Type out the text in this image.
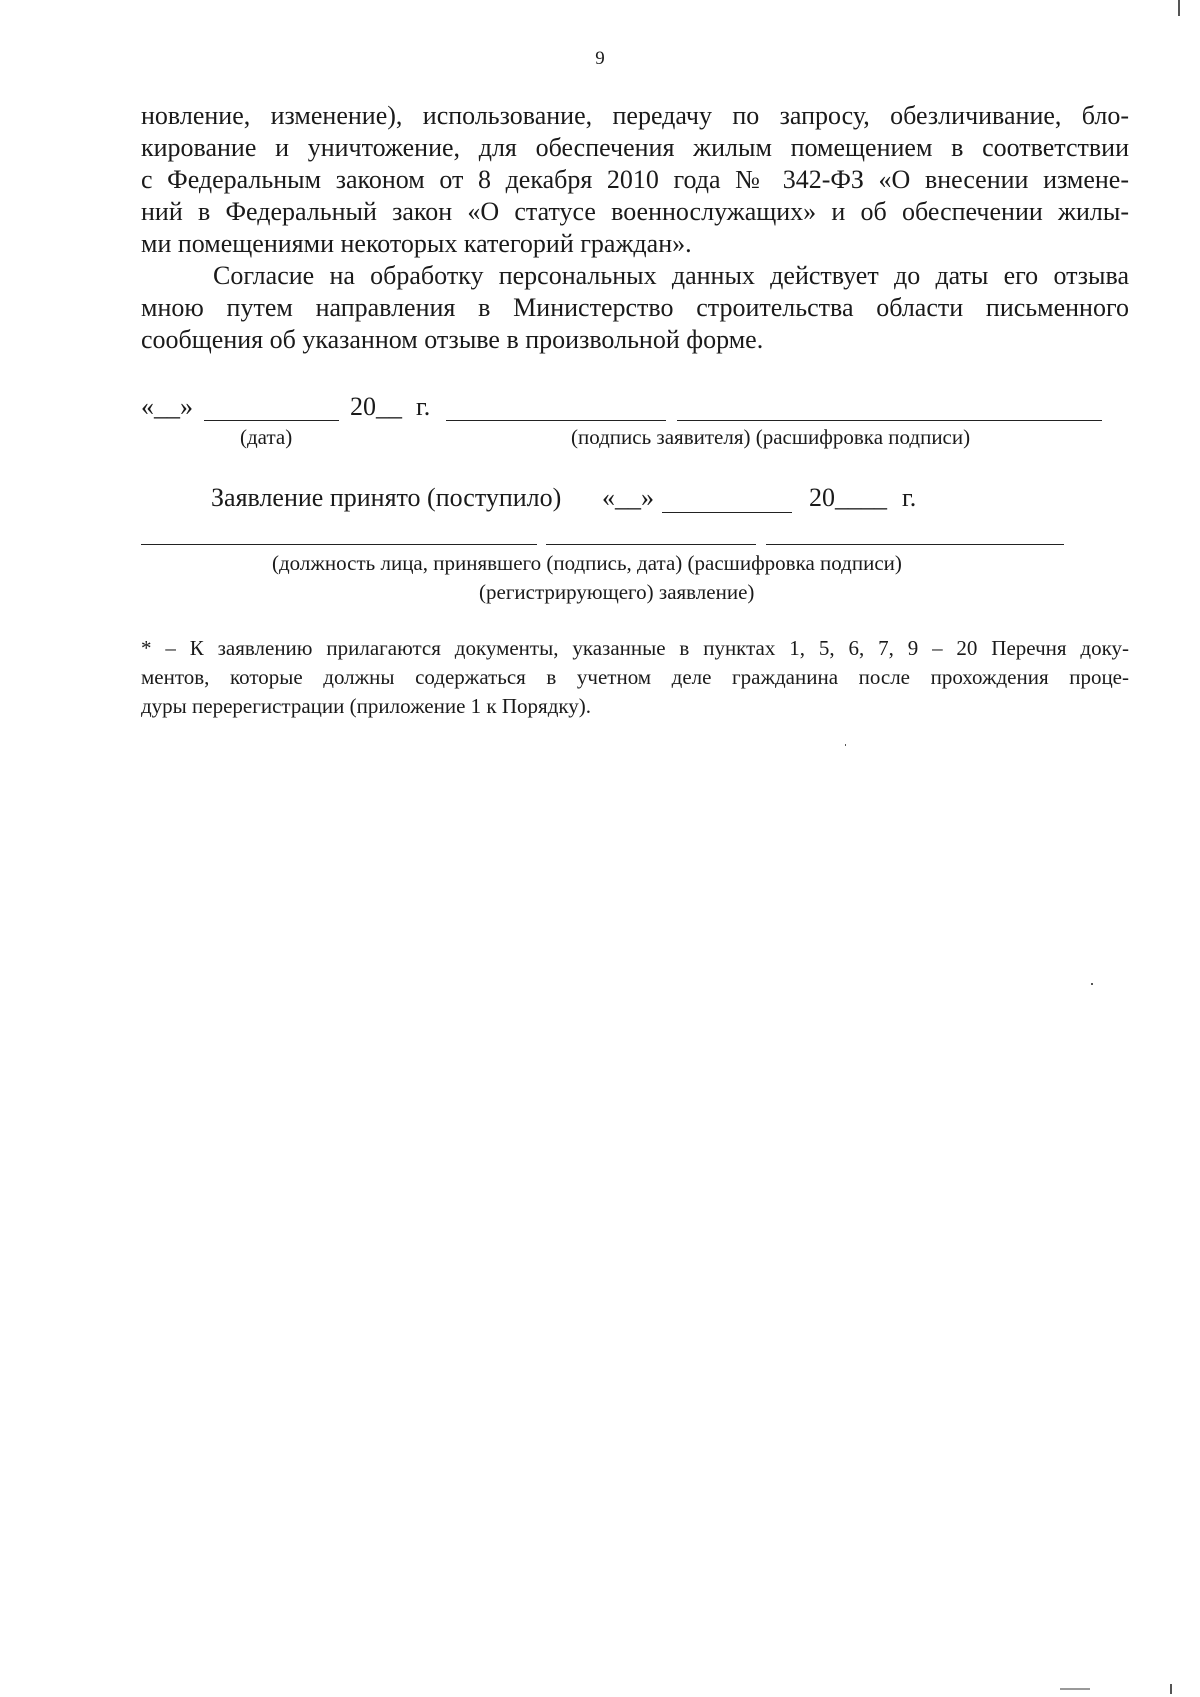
9
новление, изменение), использование, передачу по запросу, обезличивание, бло-
кирование и уничтожение, для обеспечения жилым помещением в соответствии
с Федеральным законом от 8 декабря 2010 года № 342-ФЗ «О внесении измене-
ний в Федеральный закон «О статусе военнослужащих» и об обеспечении жилы-
ми помещениями некоторых категорий граждан».
Согласие на обработку персональных данных действует до даты его отзыва
мною путем направления в Министерство строительства области письменного
сообщения об указанном отзыве в произвольной форме.
«__»	20__ г.
(дата)	(подпись заявителя) (расшифровка подписи)
Заявление принято (поступило) «__»	20____ г.
(должность лица, принявшего (подпись, дата) (расшифровка подписи)
(регистрирующего) заявление)
* – К заявлению прилагаются документы, указанные в пунктах 1, 5, 6, 7, 9 – 20 Перечня доку-
ментов, которые должны содержаться в учетном деле гражданина после прохождения проце-
дуры перерегистрации (приложение 1 к Порядку).
